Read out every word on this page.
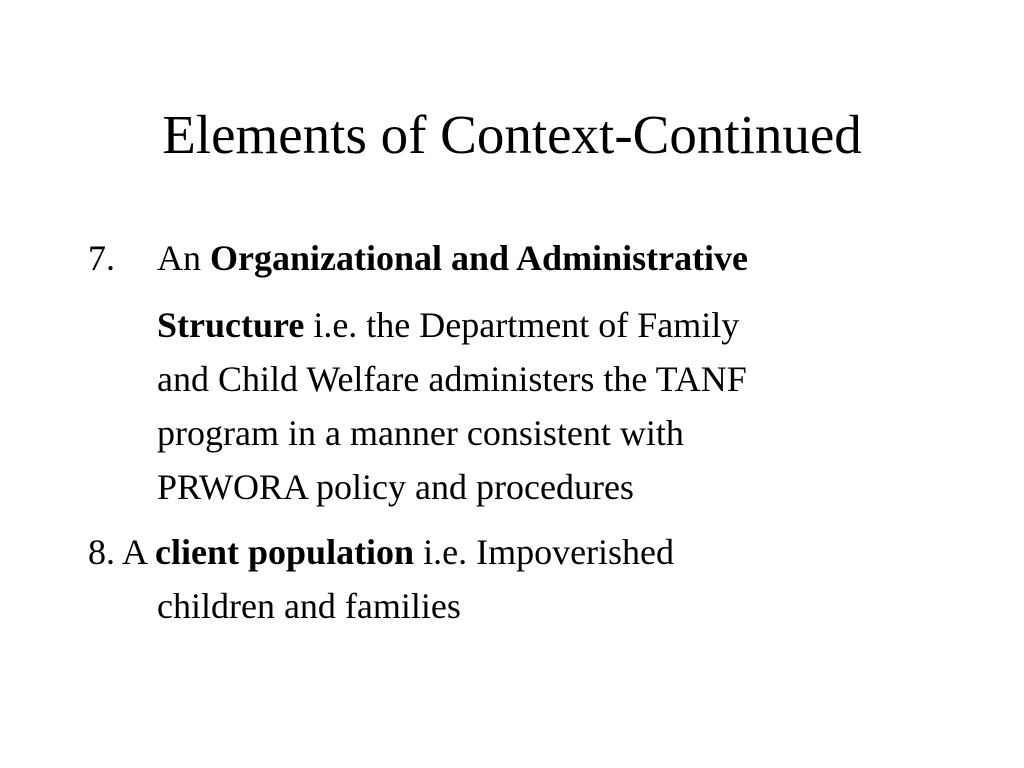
Elements of Context-Continued

7. An Organizational and Administrative

Structure i.e. the Department of Family

and Child Welfare administers the TANF

program in a manner consistent with

PRWORA policy and procedures

8. A client population i.e. Impoverished

children and families
